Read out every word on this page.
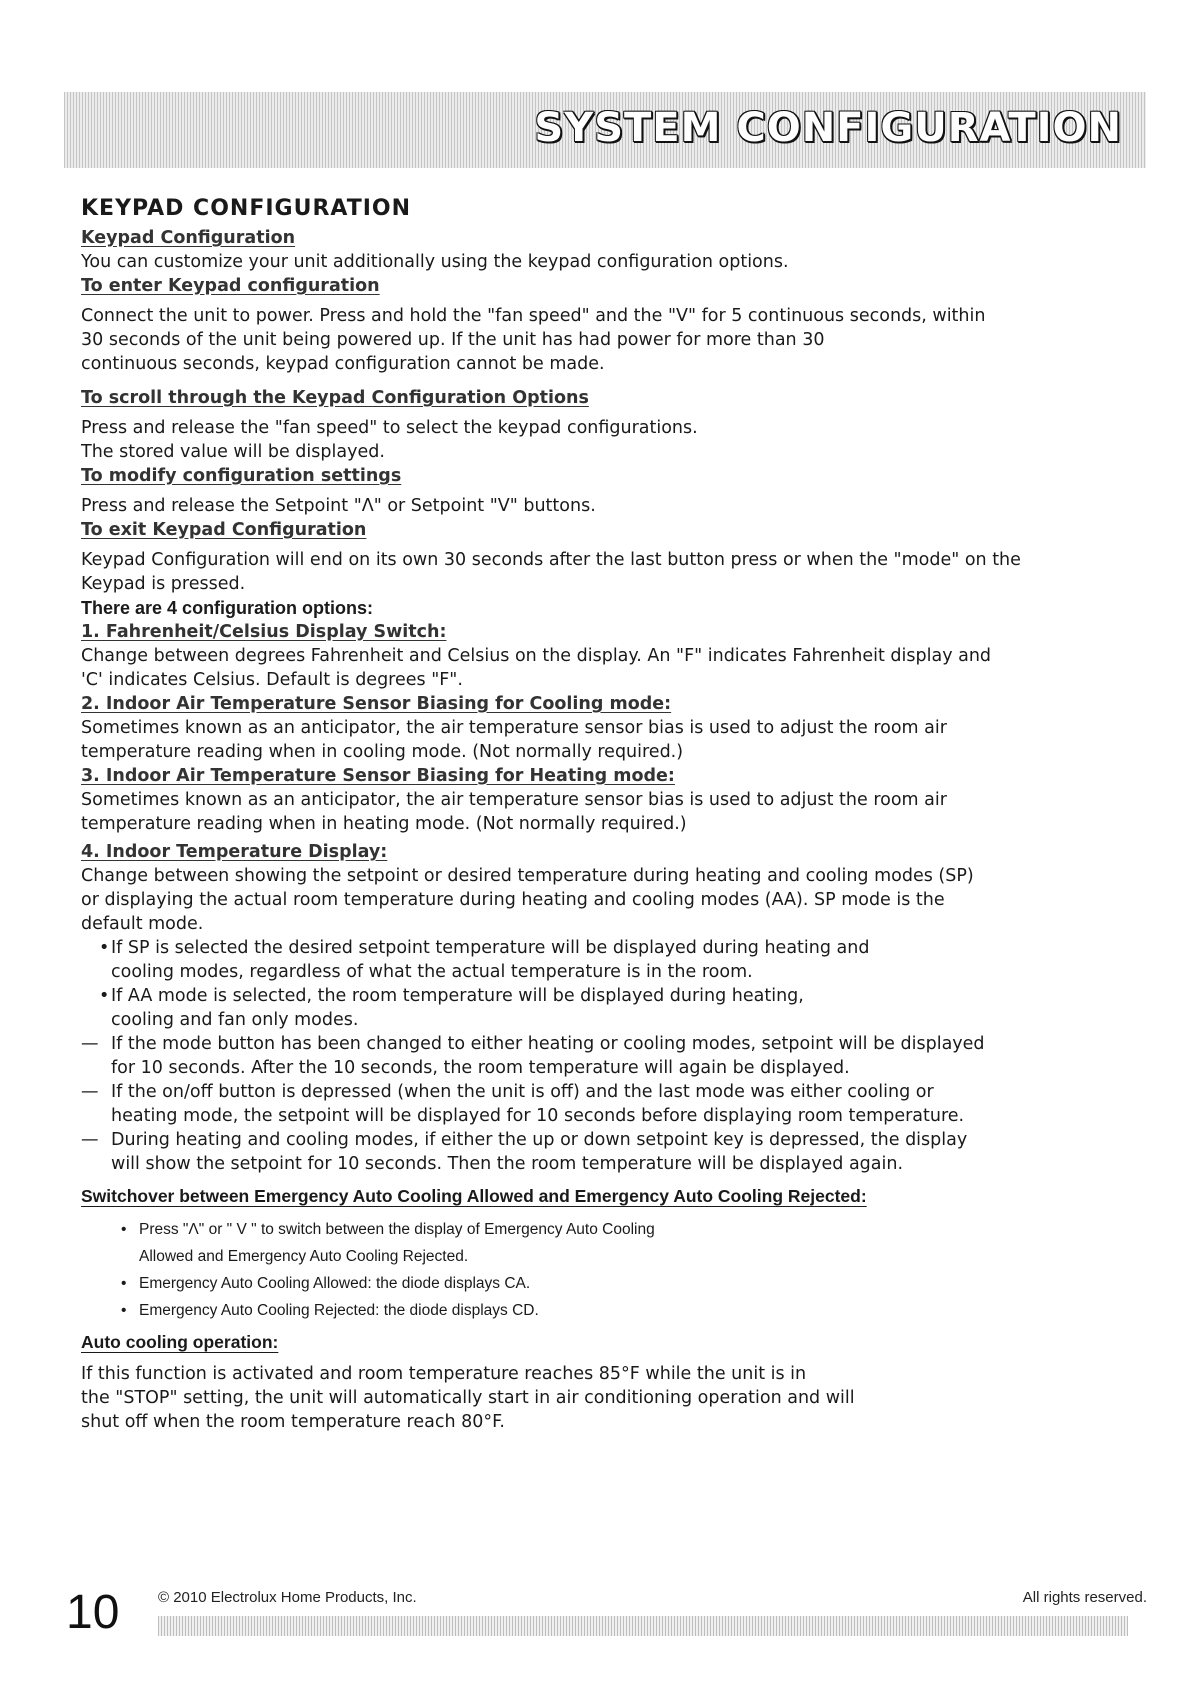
SYSTEM CONFIGURATION
KEYPAD CONFIGURATION
Keypad Configuration

You can customize your unit additionally using the keypad configuration options.

To enter Keypad configuration

Connect the unit to power. Press and hold the "fan speed" and the "V" for 5 continuous seconds, within

30 seconds of the unit being powered up. If the unit has had power for more than 30

continuous seconds, keypad configuration cannot be made.

To scroll through the Keypad Configuration Options

Press and release the "fan speed" to select the keypad configurations.

The stored value will be displayed.

To modify configuration settings

Press and release the Setpoint "Λ" or Setpoint "V" buttons.

To exit Keypad Configuration

Keypad Configuration will end on its own 30 seconds after the last button press or when the "mode" on the

Keypad is pressed.

There are 4 configuration options:
1. Fahrenheit/Celsius Display Switch:

Change between degrees Fahrenheit and Celsius on the display. An "F" indicates Fahrenheit display and

'C' indicates Celsius. Default is degrees "F".

2. Indoor Air Temperature Sensor Biasing for Cooling mode:

Sometimes known as an anticipator, the air temperature sensor bias is used to adjust the room air

temperature reading when in cooling mode. (Not normally required.)

3. Indoor Air Temperature Sensor Biasing for Heating mode:

Sometimes known as an anticipator, the air temperature sensor bias is used to adjust the room air

temperature reading when in heating mode. (Not normally required.)

4. Indoor Temperature Display:

Change between showing the setpoint or desired temperature during heating and cooling modes (SP)

or displaying the actual room temperature during heating and cooling modes (AA). SP mode is the

default mode.

• If SP is selected the desired setpoint temperature will be displayed during heating and
cooling modes, regardless of what the actual temperature is in the room.
• If AA mode is selected, the room temperature will be displayed during heating,
cooling and fan only modes.
— If the mode button has been changed to either heating or cooling modes, setpoint will be displayed
for 10 seconds. After the 10 seconds, the room temperature will again be displayed.
— If the on/off button is depressed (when the unit is off) and the last mode was either cooling or
heating mode, the setpoint will be displayed for 10 seconds before displaying room temperature.
— During heating and cooling modes, if either the up or down setpoint key is depressed, the display
will show the setpoint for 10 seconds. Then the room temperature will be displayed again.
Switchover between Emergency Auto Cooling Allowed and Emergency Auto Cooling Rejected:
• Press "Λ" or " V " to switch between the display of Emergency Auto Cooling
Allowed and Emergency Auto Cooling Rejected.
• Emergency Auto Cooling Allowed: the diode displays CA.
• Emergency Auto Cooling Rejected: the diode displays CD.
Auto cooling operation:

If this function is activated and room temperature reaches 85°F while the unit is in

the "STOP" setting, the unit will automatically start in air conditioning operation and will

shut off when the room temperature reach 80°F.

10	© 2010 Electrolux Home Products, Inc.	All rights reserved.
